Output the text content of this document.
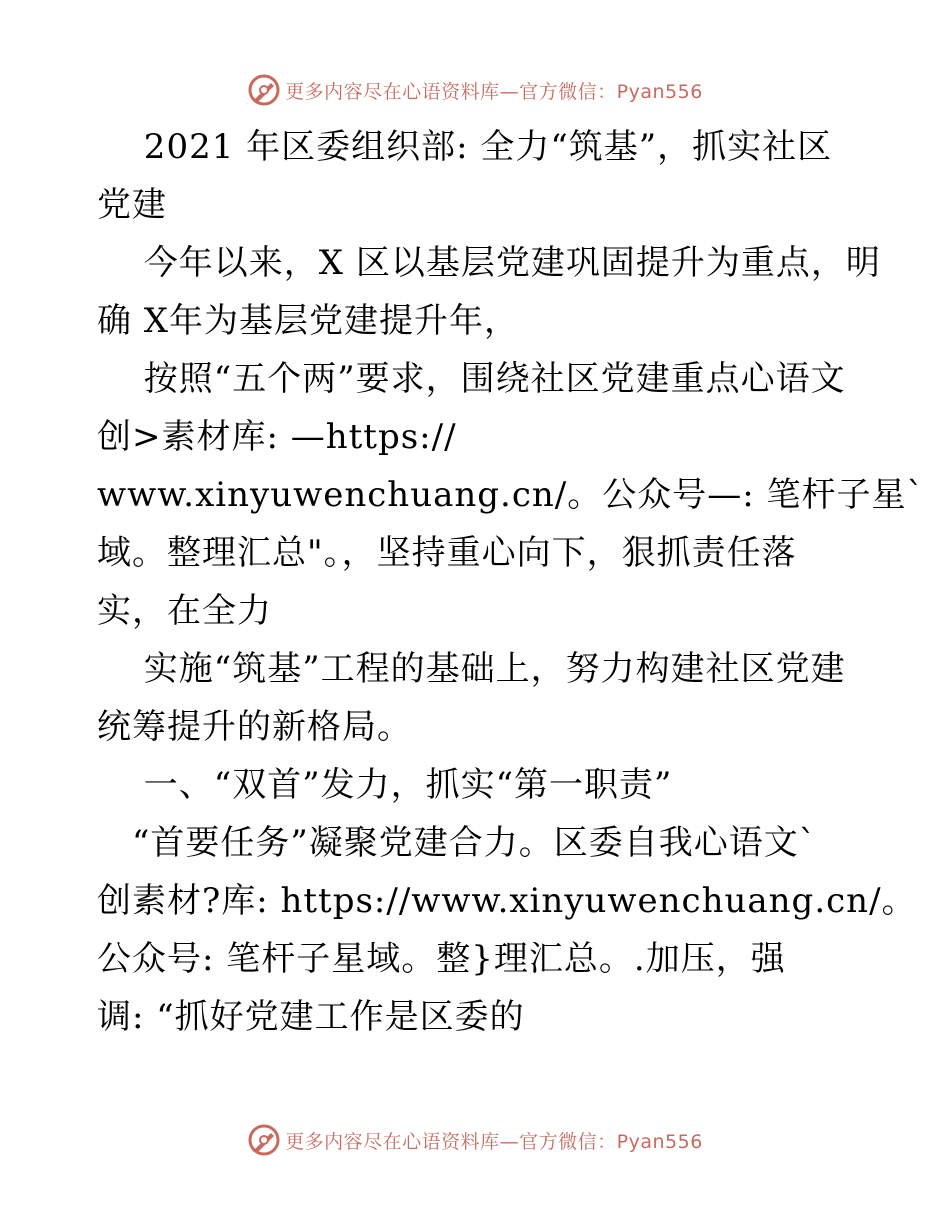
更多内容尽在心语资料库—官方微信：Pyan556
　 2021 年区委组织部: 全力“筑基”，抓实社区
党建
　 今年以来，X 区以基层党建巩固提升为重点，明
确 X年为基层党建提升年，
　 按照“五个两”要求，围绕社区党建重点心语文
创>素材库: —https://
www.xinyuwenchuang.cn/。公众号—: 笔杆子星`
域。整理汇总"。，坚持重心向下，狠抓责任落
实，在全力
　 实施“筑基”工程的基础上，努力构建社区党建
统筹提升的新格局。
　 一、“双首”发力，抓实“第一职责”
　“首要任务”凝聚党建合力。区委自我心语文`
创素材?库: https://www.xinyuwenchuang.cn/。
公众号: 笔杆子星域。整}理汇总。.加压，强
调: “抓好党建工作是区委的
更多内容尽在心语资料库—官方微信：Pyan556
